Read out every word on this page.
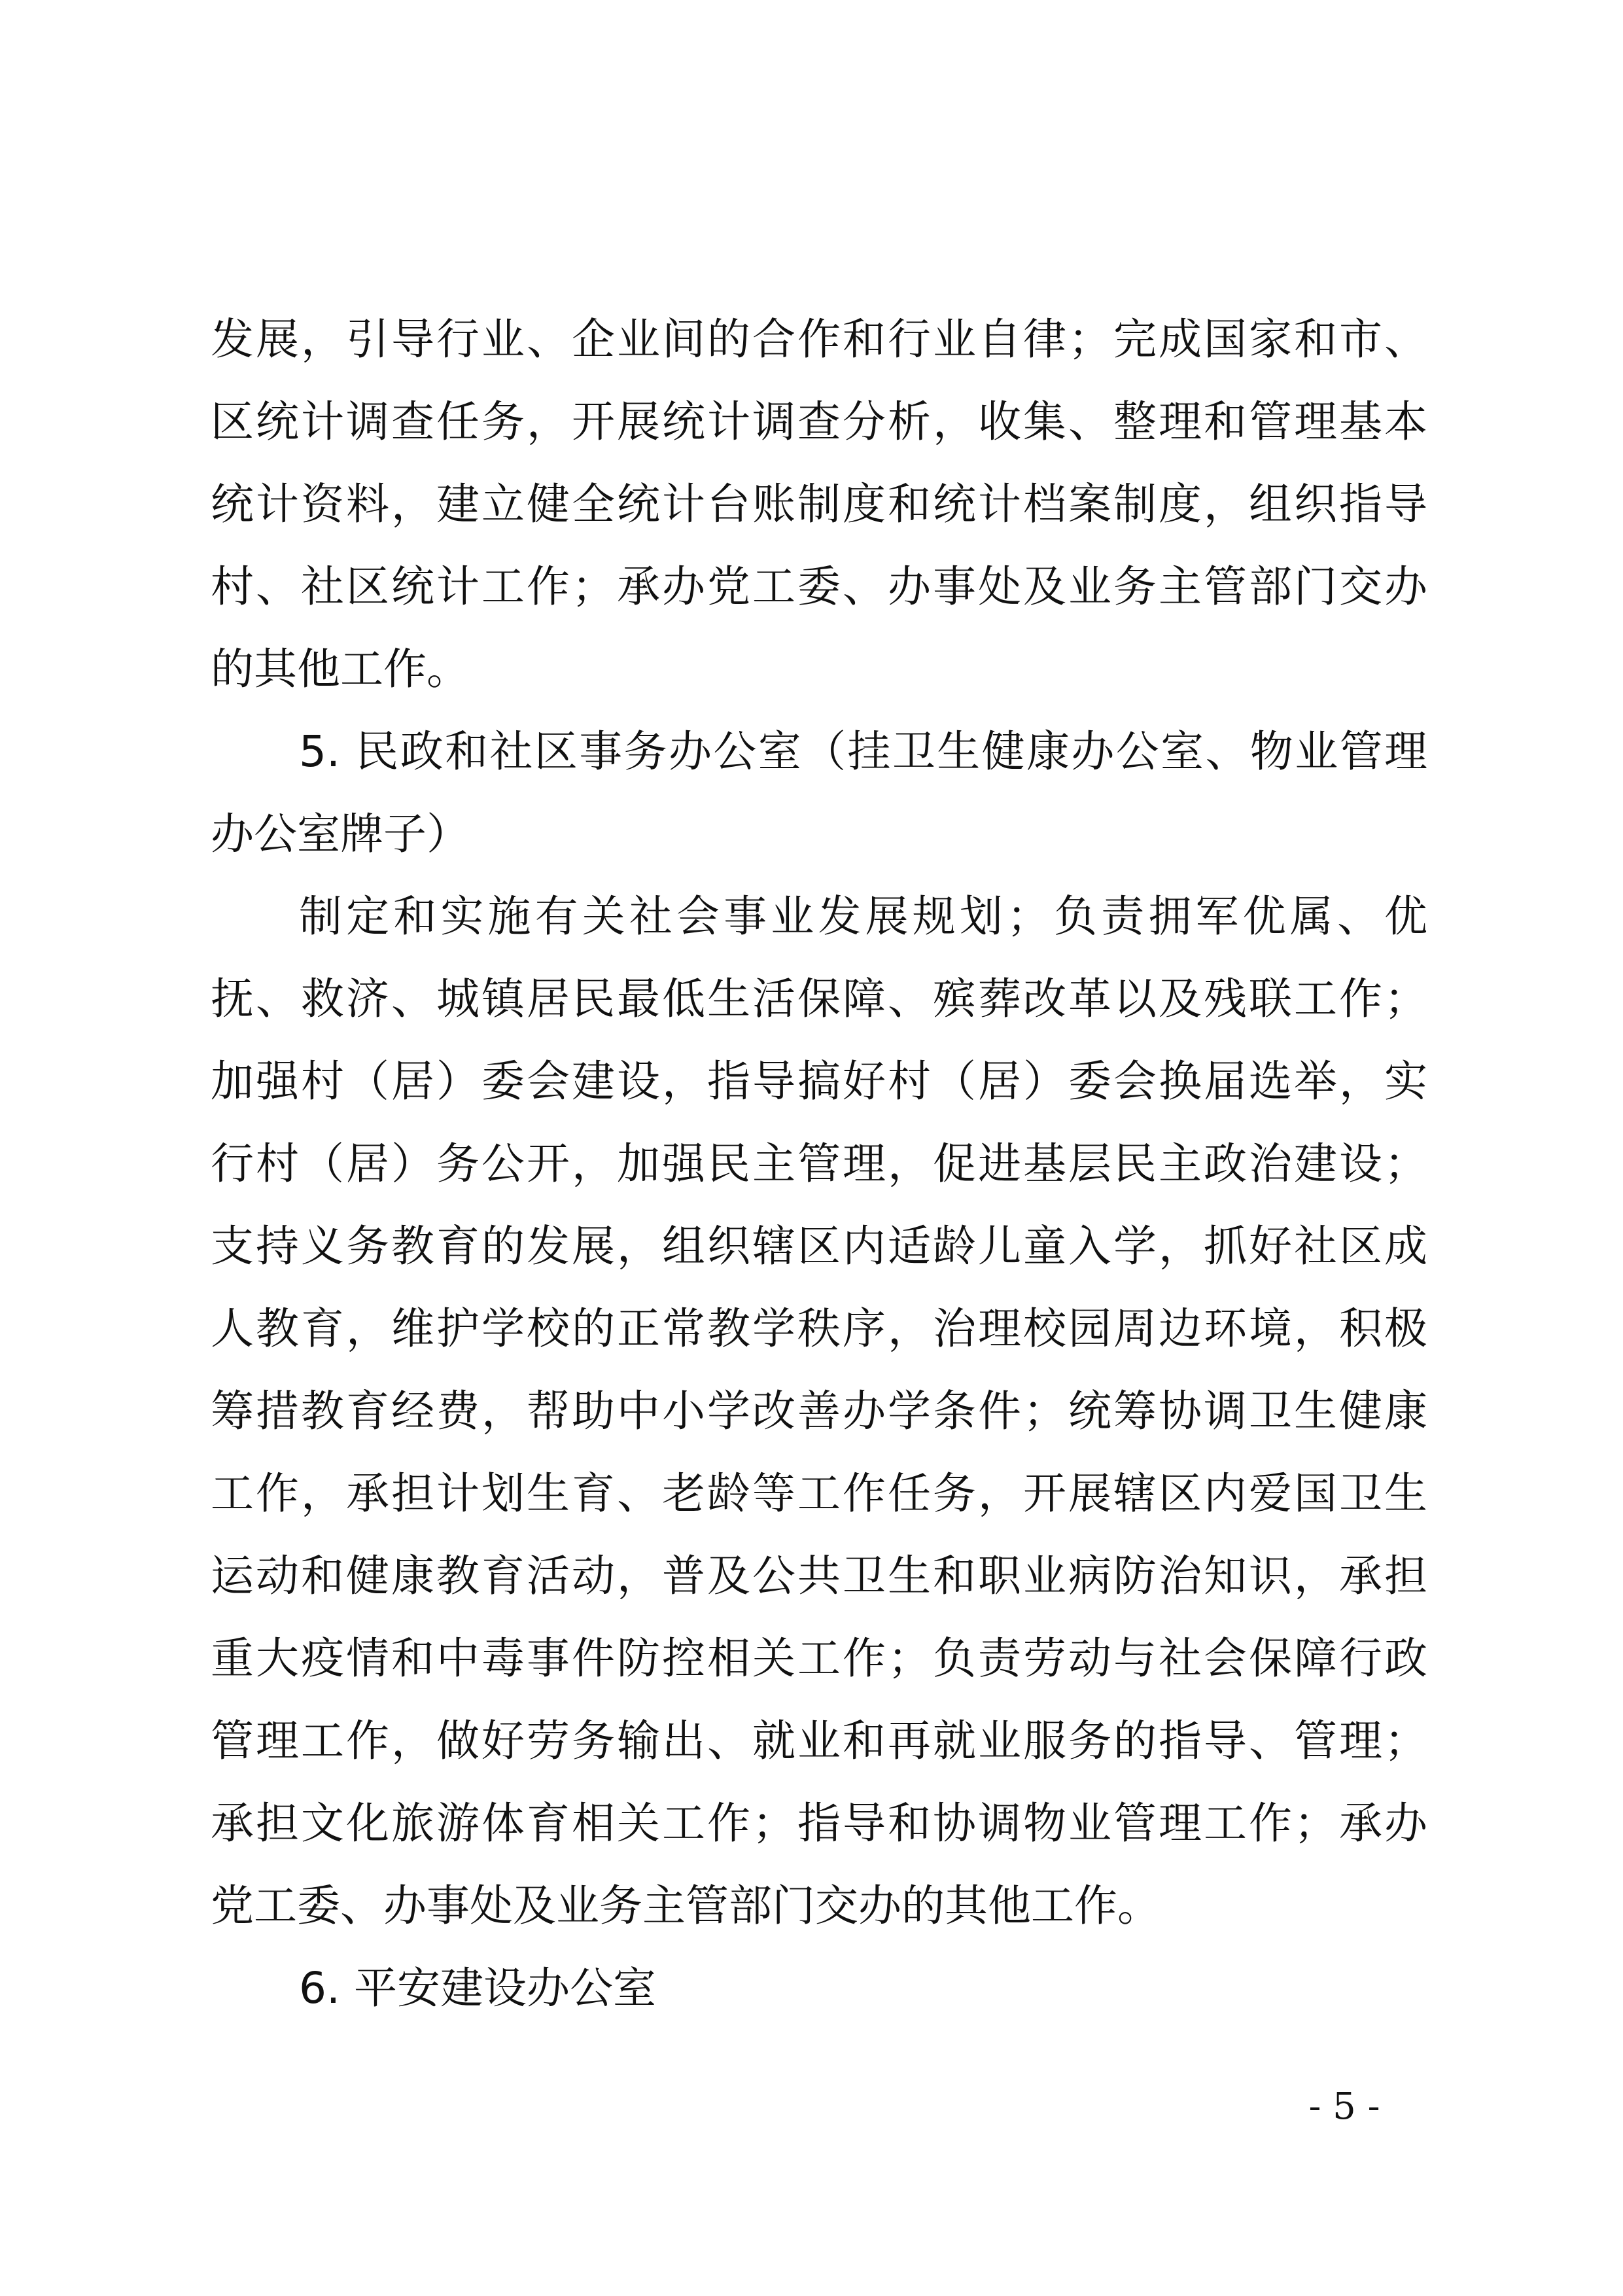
发展，引导行业、企业间的合作和行业自律；完成国家和市、
区统计调查任务，开展统计调查分析，收集、整理和管理基本
统计资料，建立健全统计台账制度和统计档案制度，组织指导
村、社区统计工作；承办党工委、办事处及业务主管部门交办
的其他工作。
5. 民政和社区事务办公室（挂卫生健康办公室、物业管理
办公室牌子）
制定和实施有关社会事业发展规划；负责拥军优属、优
抚、救济、城镇居民最低生活保障、殡葬改革以及残联工作；
加强村（居）委会建设，指导搞好村（居）委会换届选举，实
行村（居）务公开，加强民主管理，促进基层民主政治建设；
支持义务教育的发展，组织辖区内适龄儿童入学，抓好社区成
人教育，维护学校的正常教学秩序，治理校园周边环境，积极
筹措教育经费，帮助中小学改善办学条件；统筹协调卫生健康
工作，承担计划生育、老龄等工作任务，开展辖区内爱国卫生
运动和健康教育活动，普及公共卫生和职业病防治知识，承担
重大疫情和中毒事件防控相关工作；负责劳动与社会保障行政
管理工作，做好劳务输出、就业和再就业服务的指导、管理；
承担文化旅游体育相关工作；指导和协调物业管理工作；承办
党工委、办事处及业务主管部门交办的其他工作。
6. 平安建设办公室
- 5 -
